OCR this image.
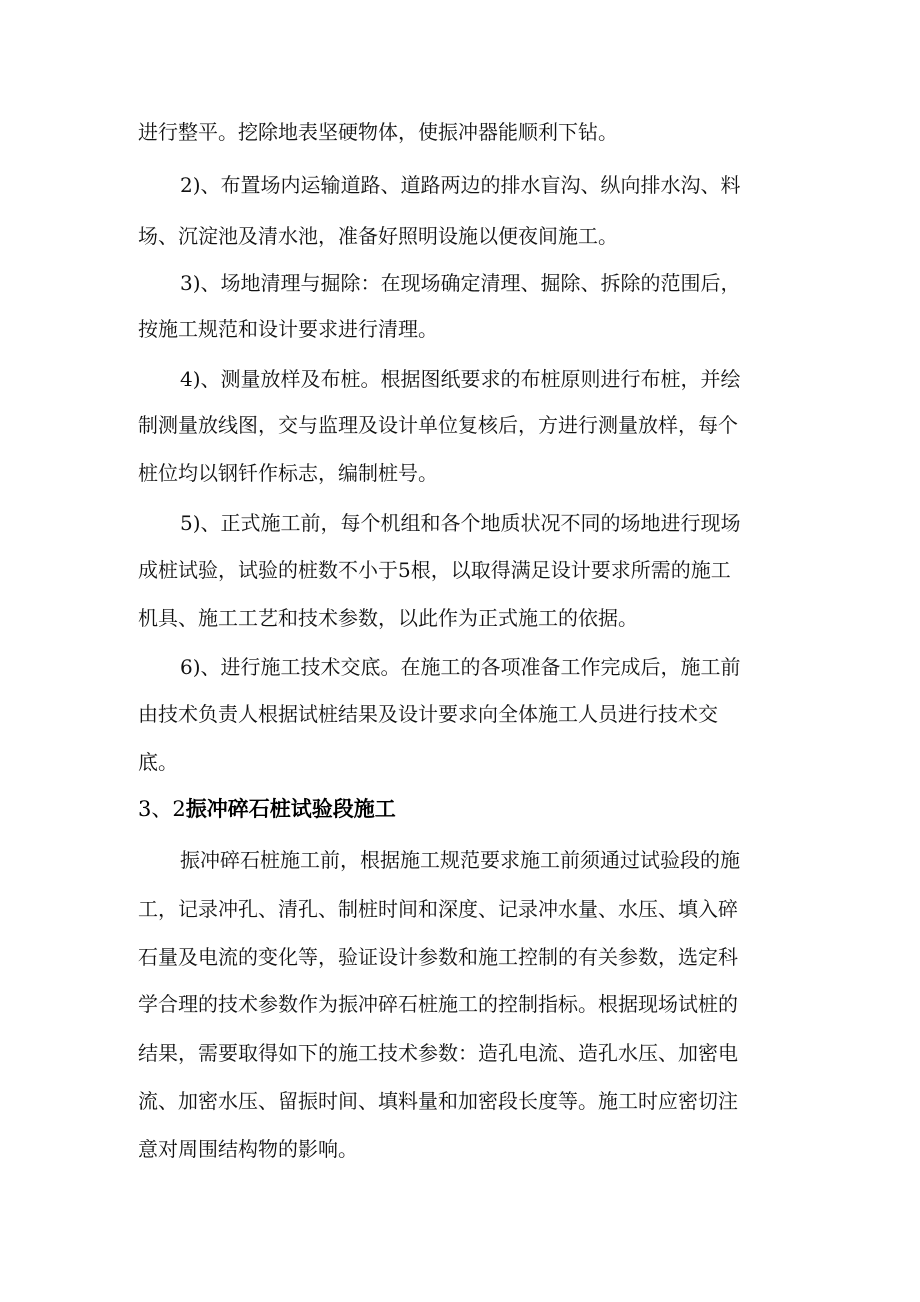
进行整平。挖除地表坚硬物体，使振冲器能顺利下钻。
2)、布置场内运输道路、道路两边的排水盲沟、纵向排水沟、料
场、沉淀池及清水池，准备好照明设施以便夜间施工。
3)、场地清理与掘除：在现场确定清理、掘除、拆除的范围后，
按施工规范和设计要求进行清理。
4)、测量放样及布桩。根据图纸要求的布桩原则进行布桩，并绘
制测量放线图，交与监理及设计单位复核后，方进行测量放样，每个
桩位均以钢钎作标志，编制桩号。
5)、正式施工前，每个机组和各个地质状况不同的场地进行现场
成桩试验，试验的桩数不小于5根，以取得满足设计要求所需的施工
机具、施工工艺和技术参数，以此作为正式施工的依据。
6)、进行施工技术交底。在施工的各项准备工作完成后，施工前
由技术负责人根据试桩结果及设计要求向全体施工人员进行技术交
底。
3、2振冲碎石桩试验段施工
振冲碎石桩施工前，根据施工规范要求施工前须通过试验段的施
工，记录冲孔、清孔、制桩时间和深度、记录冲水量、水压、填入碎
石量及电流的变化等，验证设计参数和施工控制的有关参数，选定科
学合理的技术参数作为振冲碎石桩施工的控制指标。根据现场试桩的
结果，需要取得如下的施工技术参数：造孔电流、造孔水压、加密电
流、加密水压、留振时间、填料量和加密段长度等。施工时应密切注
意对周围结构物的影响。
